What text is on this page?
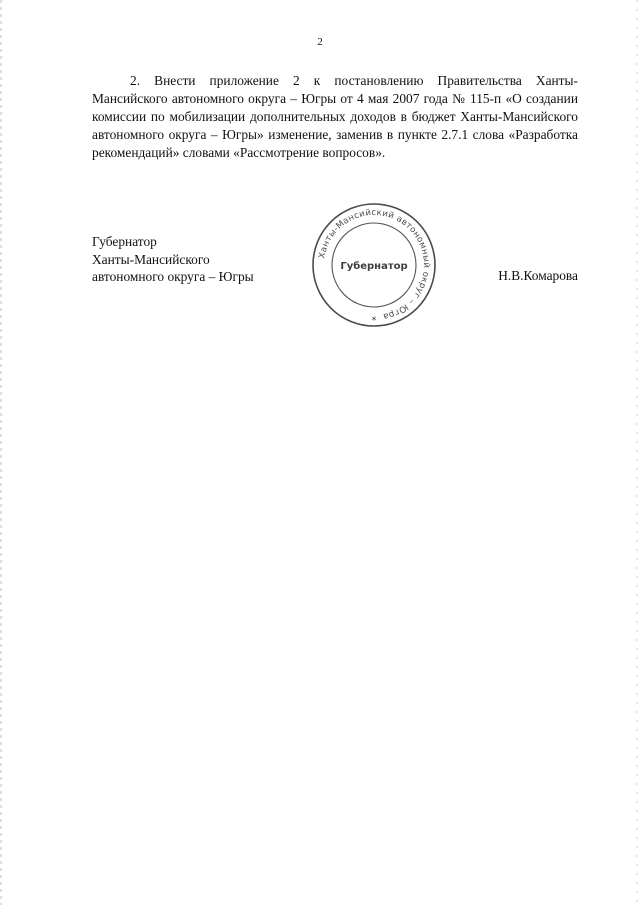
2

2. Внести приложение 2 к постановлению Правительства Ханты-Мансийского автономного округа – Югры от 4 мая 2007 года № 115-п «О создании комиссии по мобилизации дополнительных доходов в бюджет Ханты-Мансийского автономного округа – Югры» изменение, заменив в пункте 2.7.1 слова «Разработка рекомендаций» словами «Рассмотрение вопросов».

Губернатор
Ханты-Мансийского
автономного округа – Югры
Ханты-Мансийский автономный округ – Югра
Губернатор
*
Н.В.Комарова
